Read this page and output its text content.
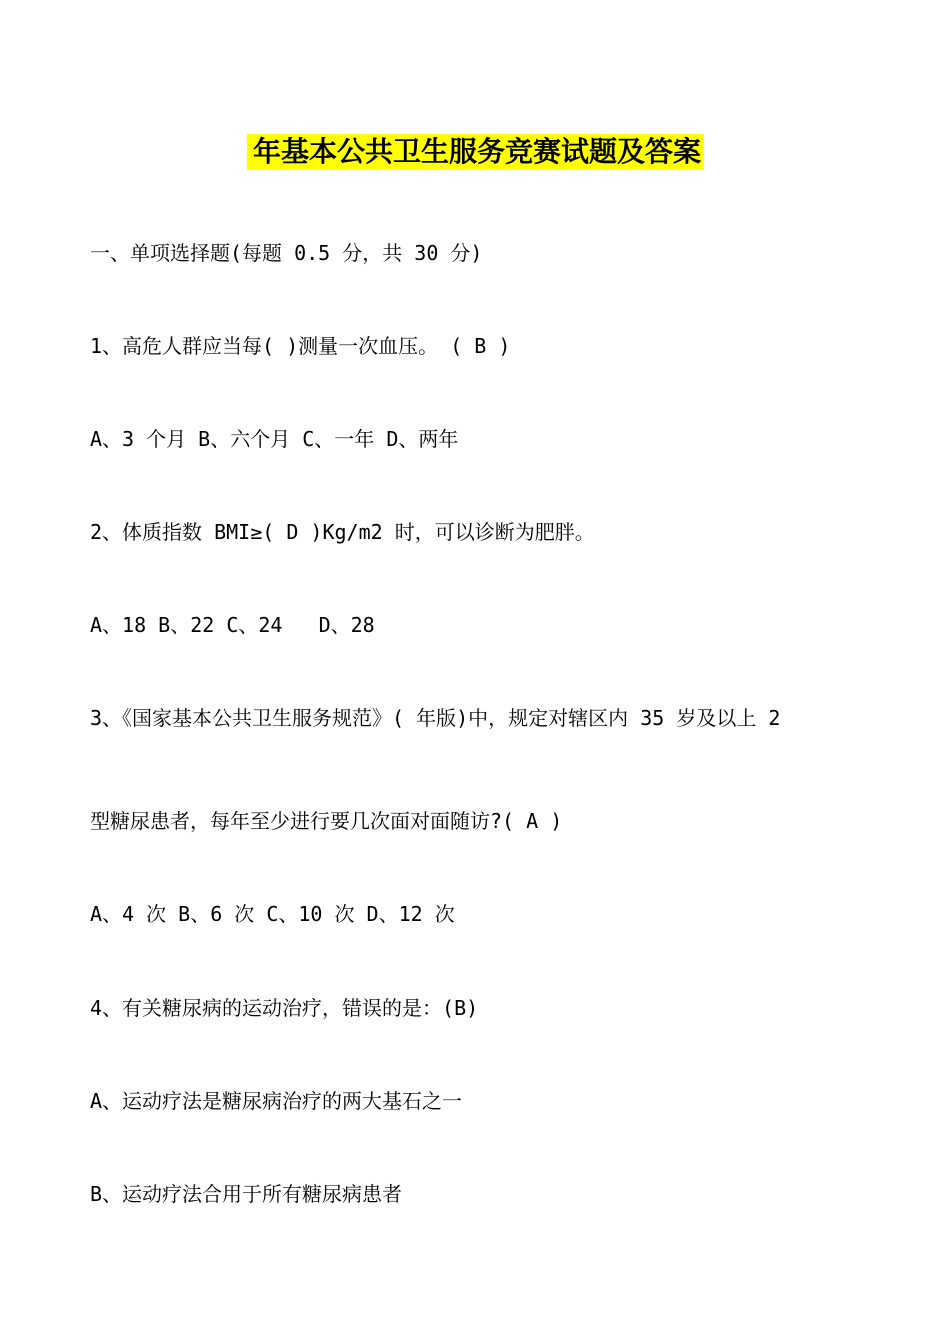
年基本公共卫生服务竞赛试题及答案
一、单项选择题(每题 0.5 分，共 30 分)
1、高危人群应当每( )测量一次血压。 ( B )
A、3 个月 B、六个月 C、一年 D、两年
2、体质指数 BMI≥( D )Kg/m2 时，可以诊断为肥胖。
A、18 B、22 C、24   D、28
3、《国家基本公共卫生服务规范》( 年版)中，规定对辖区内 35 岁及以上 2
型糖尿患者，每年至少进行要几次面对面随访?( A )
A、4 次 B、6 次 C、10 次 D、12 次
4、有关糖尿病的运动治疗，错误的是：(B)
A、运动疗法是糖尿病治疗的两大基石之一
B、运动疗法合用于所有糖尿病患者
